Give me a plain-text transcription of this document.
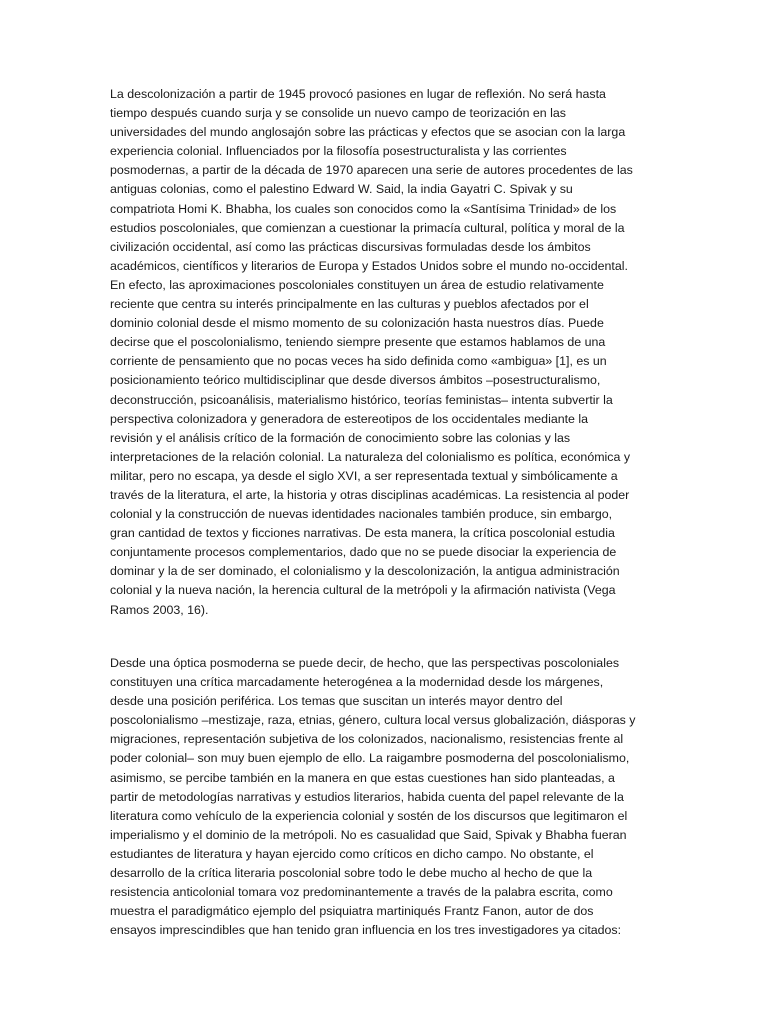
La descolonización a partir de 1945 provocó pasiones en lugar de reflexión. No será hasta
tiempo después cuando surja y se consolide un nuevo campo de teorización en las
universidades del mundo anglosajón sobre las prácticas y efectos que se asocian con la larga
experiencia colonial. Influenciados por la filosofía posestructuralista y las corrientes
posmodernas, a partir de la década de 1970 aparecen una serie de autores procedentes de las
antiguas colonias, como el palestino Edward W. Said, la india Gayatri C. Spivak y su
compatriota Homi K. Bhabha, los cuales son conocidos como la «Santísima Trinidad» de los
estudios poscoloniales, que comienzan a cuestionar la primacía cultural, política y moral de la
civilización occidental, así como las prácticas discursivas formuladas desde los ámbitos
académicos, científicos y literarios de Europa y Estados Unidos sobre el mundo no-occidental.
En efecto, las aproximaciones poscoloniales constituyen un área de estudio relativamente
reciente que centra su interés principalmente en las culturas y pueblos afectados por el
dominio colonial desde el mismo momento de su colonización hasta nuestros días. Puede
decirse que el poscolonialismo, teniendo siempre presente que estamos hablamos de una
corriente de pensamiento que no pocas veces ha sido definida como «ambigua» [1], es un
posicionamiento teórico multidisciplinar que desde diversos ámbitos –posestructuralismo,
deconstrucción, psicoanálisis, materialismo histórico, teorías feministas– intenta subvertir la
perspectiva colonizadora y generadora de estereotipos de los occidentales mediante la
revisión y el análisis crítico de la formación de conocimiento sobre las colonias y las
interpretaciones de la relación colonial. La naturaleza del colonialismo es política, económica y
militar, pero no escapa, ya desde el siglo XVI, a ser representada textual y simbólicamente a
través de la literatura, el arte, la historia y otras disciplinas académicas. La resistencia al poder
colonial y la construcción de nuevas identidades nacionales también produce, sin embargo,
gran cantidad de textos y ficciones narrativas. De esta manera, la crítica poscolonial estudia
conjuntamente procesos complementarios, dado que no se puede disociar la experiencia de
dominar y la de ser dominado, el colonialismo y la descolonización, la antigua administración
colonial y la nueva nación, la herencia cultural de la metrópoli y la afirmación nativista (Vega
Ramos 2003, 16).
Desde una óptica posmoderna se puede decir, de hecho, que las perspectivas poscoloniales
constituyen una crítica marcadamente heterogénea a la modernidad desde los márgenes,
desde una posición periférica. Los temas que suscitan un interés mayor dentro del
poscolonialismo –mestizaje, raza, etnias, género, cultura local versus globalización, diásporas y
migraciones, representación subjetiva de los colonizados, nacionalismo, resistencias frente al
poder colonial– son muy buen ejemplo de ello. La raigambre posmoderna del poscolonialismo,
asimismo, se percibe también en la manera en que estas cuestiones han sido planteadas, a
partir de metodologías narrativas y estudios literarios, habida cuenta del papel relevante de la
literatura como vehículo de la experiencia colonial y sostén de los discursos que legitimaron el
imperialismo y el dominio de la metrópoli. No es casualidad que Said, Spivak y Bhabha fueran
estudiantes de literatura y hayan ejercido como críticos en dicho campo. No obstante, el
desarrollo de la crítica literaria poscolonial sobre todo le debe mucho al hecho de que la
resistencia anticolonial tomara voz predominantemente a través de la palabra escrita, como
muestra el paradigmático ejemplo del psiquiatra martiniqués Frantz Fanon, autor de dos
ensayos imprescindibles que han tenido gran influencia en los tres investigadores ya citados:
